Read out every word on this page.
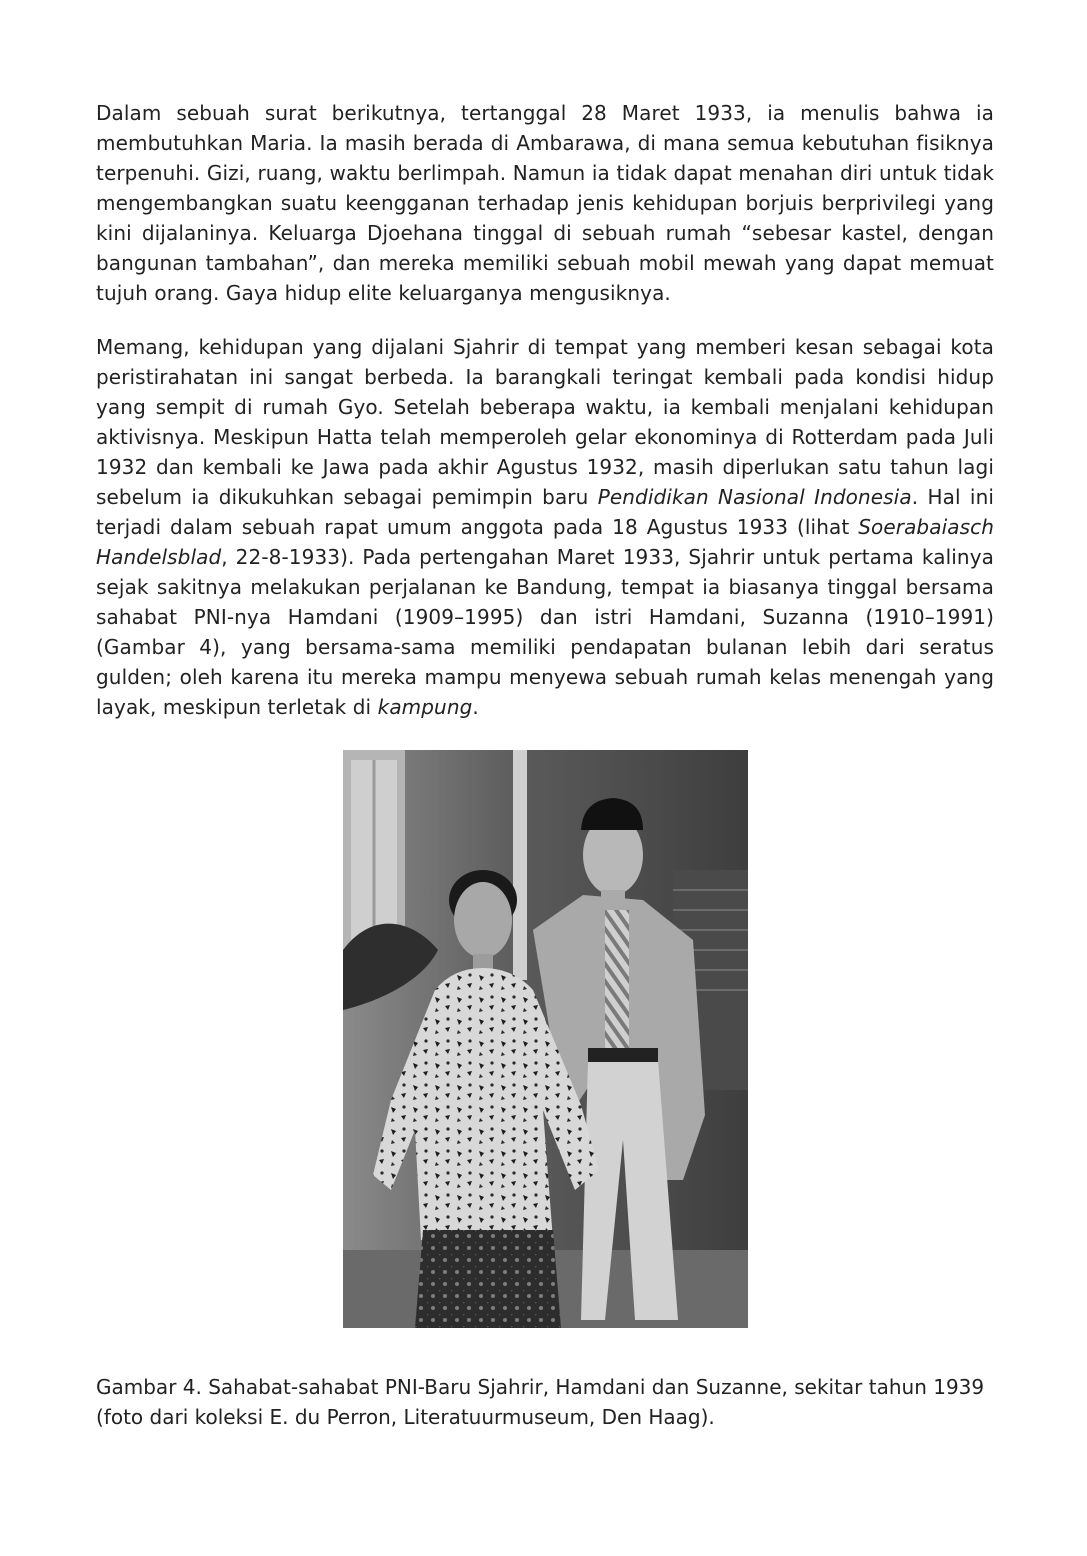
Dalam sebuah surat berikutnya, tertanggal 28 Maret 1933, ia menulis bahwa ia membutuhkan Maria. Ia masih berada di Ambarawa, di mana semua kebutuhan fisiknya terpenuhi. Gizi, ruang, waktu berlimpah. Namun ia tidak dapat menahan diri untuk tidak mengembangkan suatu keengganan terhadap jenis kehidupan borjuis berprivilegi yang kini dijalaninya. Keluarga Djoehana tinggal di sebuah rumah “sebesar kastel, dengan bangunan tambahan”, dan mereka memiliki sebuah mobil mewah yang dapat memuat tujuh orang. Gaya hidup elite keluarganya mengusiknya.

Memang, kehidupan yang dijalani Sjahrir di tempat yang memberi kesan sebagai kota peristirahatan ini sangat berbeda. Ia barangkali teringat kembali pada kondisi hidup yang sempit di rumah Gyo. Setelah beberapa waktu, ia kembali menjalani kehidupan aktivisnya. Meskipun Hatta telah memperoleh gelar ekonominya di Rotterdam pada Juli 1932 dan kembali ke Jawa pada akhir Agustus 1932, masih diperlukan satu tahun lagi sebelum ia dikukuhkan sebagai pemimpin baru Pendidikan Nasional Indonesia. Hal ini terjadi dalam sebuah rapat umum anggota pada 18 Agustus 1933 (lihat Soerabaiasch Handelsblad, 22-8-1933). Pada pertengahan Maret 1933, Sjahrir untuk pertama kalinya sejak sakitnya melakukan perjalanan ke Bandung, tempat ia biasanya tinggal bersama sahabat PNI-nya Hamdani (1909–1995) dan istri Hamdani, Suzanna (1910–1991) (Gambar 4), yang bersama-sama memiliki pendapatan bulanan lebih dari seratus gulden; oleh karena itu mereka mampu menyewa sebuah rumah kelas menengah yang layak, meskipun terletak di kampung.

Gambar 4. Sahabat-sahabat PNI-Baru Sjahrir, Hamdani dan Suzanne, sekitar tahun 1939 (foto dari koleksi E. du Perron, Literatuurmuseum, Den Haag).
